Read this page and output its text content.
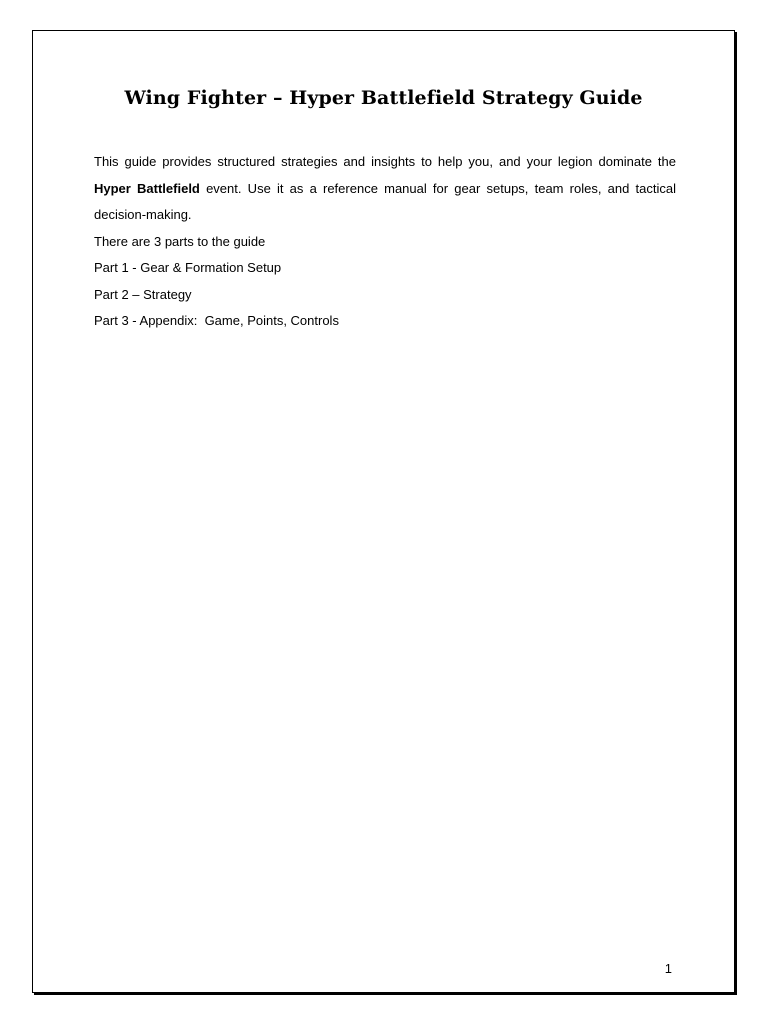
Wing Fighter – Hyper Battlefield Strategy Guide

This guide provides structured strategies and insights to help you, and your legion dominate the Hyper Battlefield event. Use it as a reference manual for gear setups, team roles, and tactical decision-making.

There are 3 parts to the guide

Part 1 - Gear & Formation Setup

Part 2 – Strategy

Part 3 - Appendix:  Game, Points, Controls

1
